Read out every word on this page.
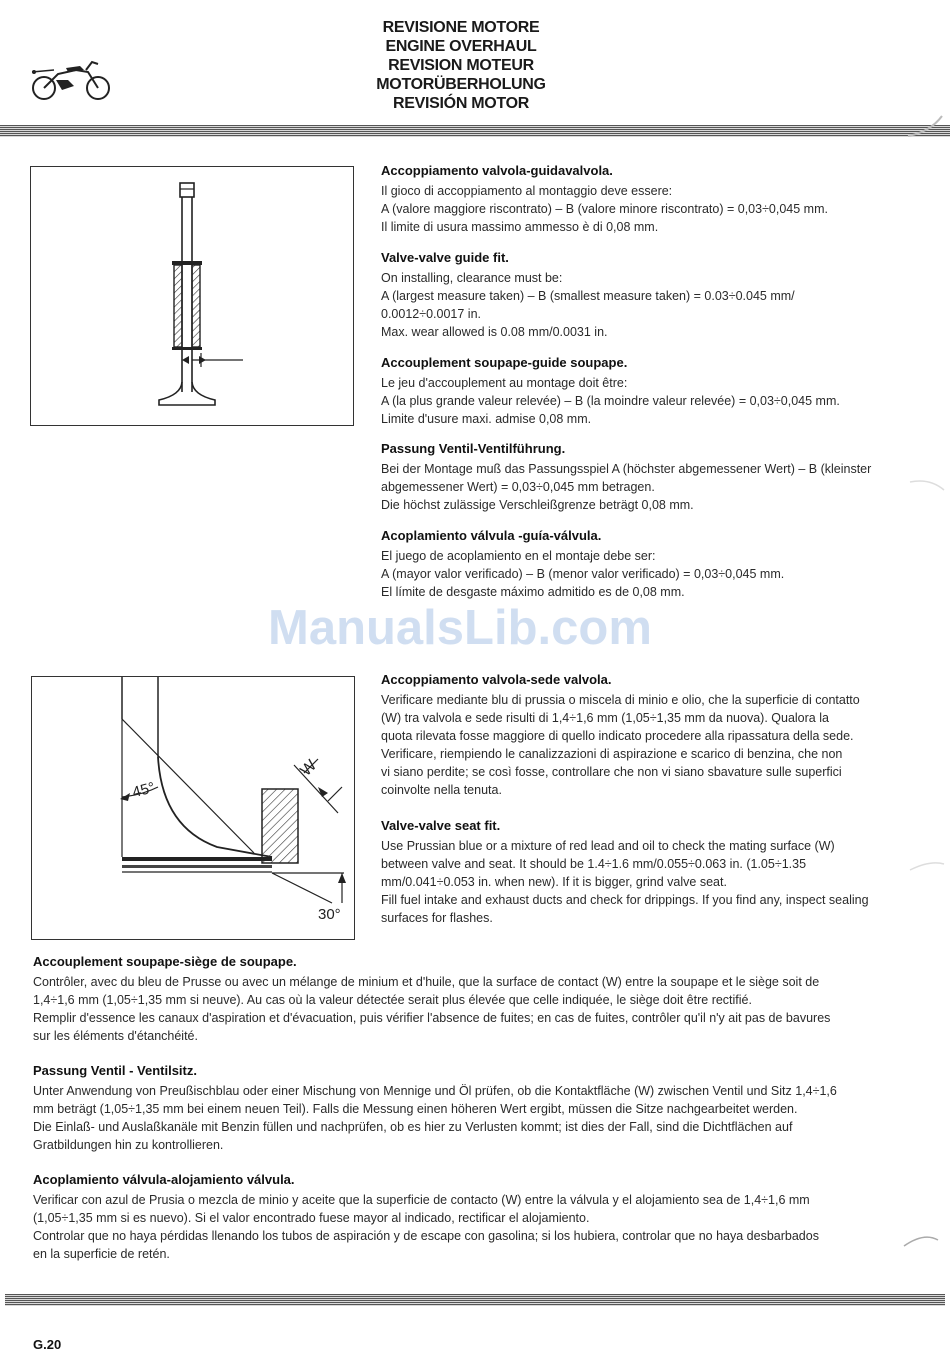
REVISIONE MOTORE
ENGINE OVERHAUL
REVISION MOTEUR
MOTORÜBERHOLUNG
REVISIÓN MOTOR
Accoppiamento valvola-guidavalvola.

Il gioco di accoppiamento al montaggio deve essere:

A (valore maggiore riscontrato) – B (valore minore riscontrato) = 0,03÷0,045 mm.

Il limite di usura massimo ammesso è di 0,08 mm.

Valve-valve guide fit.

On installing, clearance must be:

A (largest measure taken) – B (smallest measure taken) = 0.03÷0.045 mm/

0.0012÷0.0017 in.

Max. wear allowed is 0.08 mm/0.0031 in.

Accouplement soupape-guide soupape.

Le jeu d'accouplement au montage doit être:

A (la plus grande valeur relevée) – B (la moindre valeur relevée) = 0,03÷0,045 mm.

Limite d'usure maxi. admise 0,08 mm.

Passung Ventil-Ventilführung.

Bei der Montage muß das Passungsspiel A (höchster abgemessener Wert) – B (kleinster

abgemessener Wert) = 0,03÷0,045 mm betragen.

Die höchst zulässige Verschleißgrenze beträgt 0,08 mm.

Acoplamiento válvula -guía-válvula.

El juego de acoplamiento en el montaje debe ser:

A (mayor valor verificado) – B (menor valor verificado) = 0,03÷0,045 mm.

El límite de desgaste máximo admitido es de 0,08 mm.

ManualsLib.com
45°
W
30°
Accoppiamento valvola-sede valvola.

Verificare mediante blu di prussia o miscela di minio e olio, che la superficie di contatto

(W) tra valvola e sede risulti di 1,4÷1,6 mm (1,05÷1,35 mm da nuova). Qualora la

quota rilevata fosse maggiore di quello indicato procedere alla ripassatura della sede.

Verificare, riempiendo le canalizzazioni di aspirazione e scarico di benzina, che non

vi siano perdite; se così fosse, controllare che non vi siano sbavature sulle superfici

coinvolte nella tenuta.

Valve-valve seat fit.

Use Prussian blue or a mixture of red lead and oil to check the mating surface (W)

between valve and seat. It should be 1.4÷1.6 mm/0.055÷0.063 in. (1.05÷1.35

mm/0.041÷0.053 in. when new). If it is bigger, grind valve seat.

Fill fuel intake and exhaust ducts and check for drippings. If you find any, inspect sealing

surfaces for flashes.

Accouplement soupape-siège de soupape.

Contrôler, avec du bleu de Prusse ou avec un mélange de minium et d'huile, que la surface de contact (W) entre la soupape et le siège soit de

1,4÷1,6 mm (1,05÷1,35 mm si neuve). Au cas où la valeur détectée serait plus élevée que celle indiquée, le siège doit être rectifié.

Remplir d'essence les canaux d'aspiration et d'évacuation, puis vérifier l'absence de fuites; en cas de fuites, contrôler qu'il n'y ait pas de bavures

sur les éléments d'étanchéité.

Passung Ventil - Ventilsitz.

Unter Anwendung von Preußischblau oder einer Mischung von Mennige und Öl prüfen, ob die Kontaktfläche (W) zwischen Ventil und Sitz 1,4÷1,6

mm beträgt (1,05÷1,35 mm bei einem neuen Teil). Falls die Messung einen höheren Wert ergibt, müssen die Sitze nachgearbeitet werden.

Die Einlaß- und Auslaßkanäle mit Benzin füllen und nachprüfen, ob es hier zu Verlusten kommt; ist dies der Fall, sind die Dichtflächen auf

Gratbildungen hin zu kontrollieren.

Acoplamiento válvula-alojamiento válvula.

Verificar con azul de Prusia o mezcla de minio y aceite que la superficie de contacto (W) entre la válvula y el alojamiento sea de 1,4÷1,6 mm

(1,05÷1,35 mm si es nuevo). Si el valor encontrado fuese mayor al indicado, rectificar el alojamiento.

Controlar que no haya pérdidas llenando los tubos de aspiración y de escape con gasolina; si los hubiera, controlar que no haya desbarbados

en la superficie de retén.

G.20
